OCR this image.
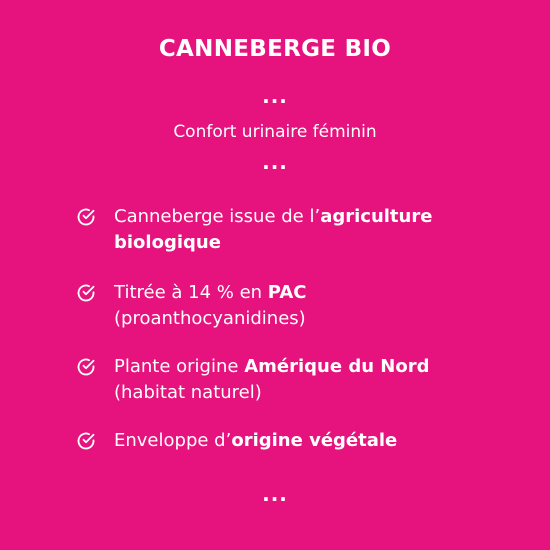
CANNEBERGE BIO
...
Confort urinaire féminin
...
Canneberge issue de l’agriculture biologique
Titrée à 14 % en PAC (proanthocyanidines)
Plante origine Amérique du Nord (habitat naturel)
Enveloppe d’origine végétale
...
